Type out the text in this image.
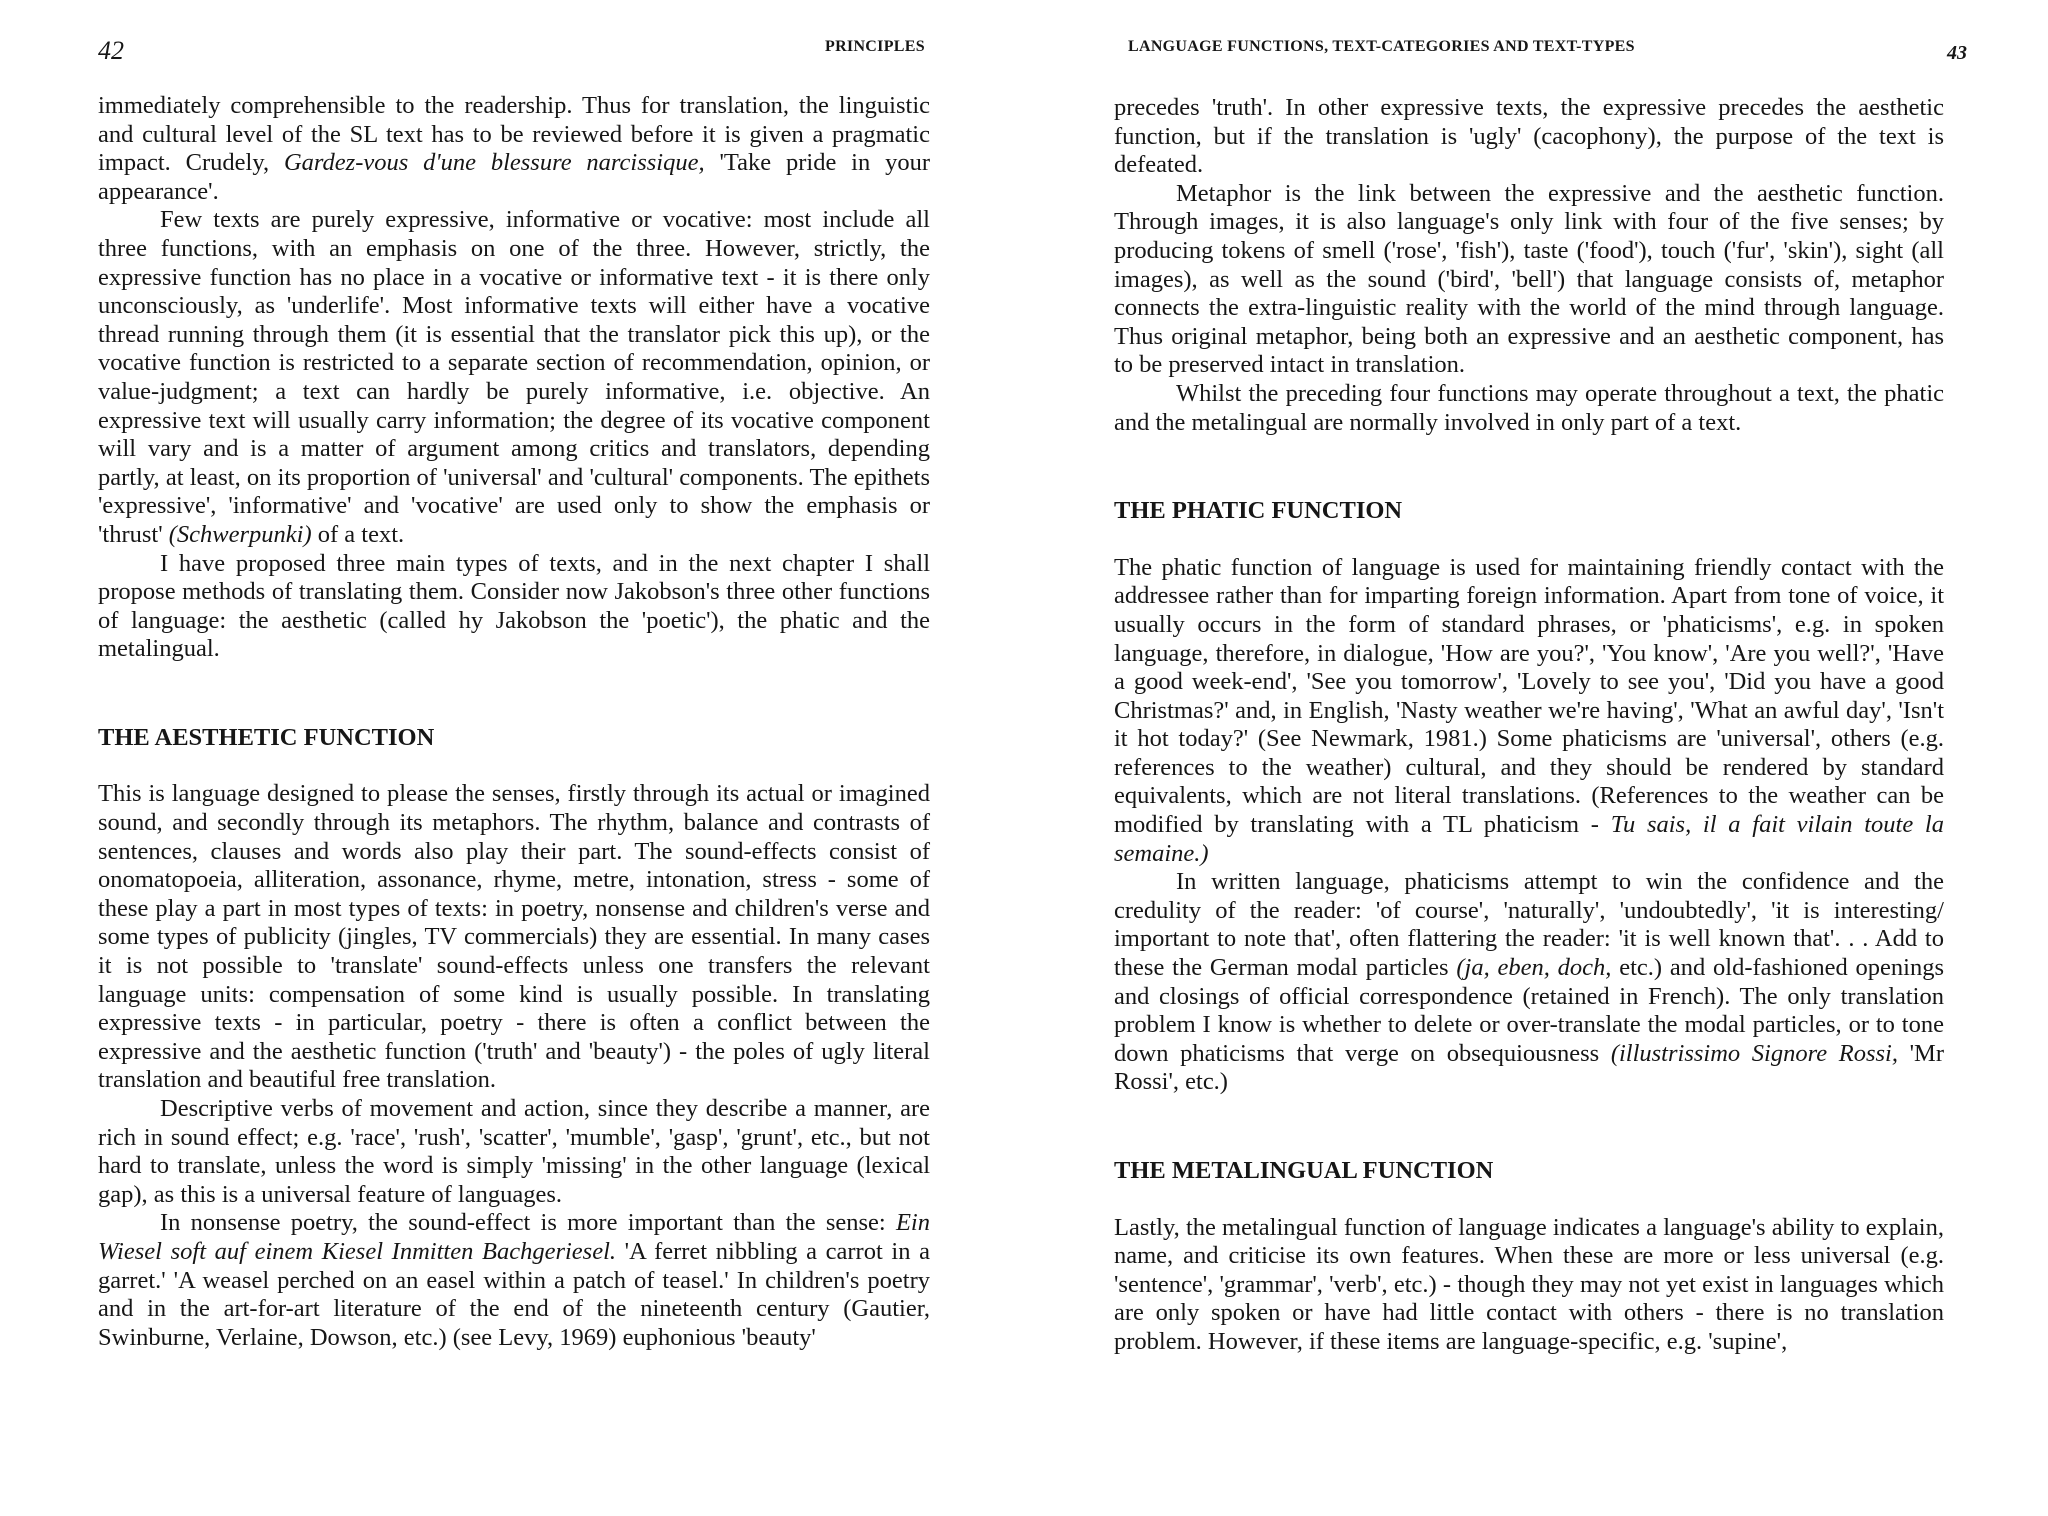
42	PRINCIPLES

immediately comprehensible to the readership. Thus for translation, the linguistic and cultural level of the SL text has to be reviewed before it is given a pragmatic impact. Crudely, Gardez-vous d'une blessure narcissique, 'Take pride in your appearance'.

Few texts are purely expressive, informative or vocative: most include all three functions, with an emphasis on one of the three. However, strictly, the expressive function has no place in a vocative or informative text - it is there only unconsciously, as 'underlife'. Most informative texts will either have a vocative thread running through them (it is essential that the translator pick this up), or the vocative function is restricted to a separate section of recommendation, opinion, or value-judgment; a text can hardly be purely informative, i.e. objective. An expressive text will usually carry information; the degree of its vocative component will vary and is a matter of argument among critics and translators, depending partly, at least, on its proportion of 'universal' and 'cultural' components. The epithets 'expressive', 'informative' and 'vocative' are used only to show the emphasis or 'thrust' (Schwerpunki) of a text.

I have proposed three main types of texts, and in the next chapter I shall propose methods of translating them. Consider now Jakobson's three other functions of language: the aesthetic (called hy Jakobson the 'poetic'), the phatic and the metalingual.

THE AESTHETIC FUNCTION

This is language designed to please the senses, firstly through its actual or imagined sound, and secondly through its metaphors. The rhythm, balance and contrasts of sentences, clauses and words also play their part. The sound-effects consist of onomatopoeia, alliteration, assonance, rhyme, metre, intonation, stress - some of these play a part in most types of texts: in poetry, nonsense and children's verse and some types of publicity (jingles, TV commercials) they are essential. In many cases it is not possible to 'translate' sound-effects unless one transfers the relevant language units: compensation of some kind is usually possible. In translating expressive texts - in particular, poetry - there is often a conflict between the expressive and the aesthetic function ('truth' and 'beauty') - the poles of ugly literal translation and beautiful free translation.

Descriptive verbs of movement and action, since they describe a manner, are rich in sound effect; e.g. 'race', 'rush', 'scatter', 'mumble', 'gasp', 'grunt', etc., but not hard to translate, unless the word is simply 'missing' in the other language (lexical gap), as this is a universal feature of languages.

In nonsense poetry, the sound-effect is more important than the sense: Ein Wiesel soft auf einem Kiesel Inmitten Bachgeriesel. 'A ferret nibbling a carrot in a garret.' 'A weasel perched on an easel within a patch of teasel.' In children's poetry and in the art-for-art literature of the end of the nineteenth century (Gautier, Swinburne, Verlaine, Dowson, etc.) (see Levy, 1969) euphonious 'beauty'

LANGUAGE FUNCTIONS, TEXT-CATEGORIES AND TEXT-TYPES	43

precedes 'truth'. In other expressive texts, the expressive precedes the aesthetic function, but if the translation is 'ugly' (cacophony), the purpose of the text is defeated.

Metaphor is the link between the expressive and the aesthetic function. Through images, it is also language's only link with four of the five senses; by producing tokens of smell ('rose', 'fish'), taste ('food'), touch ('fur', 'skin'), sight (all images), as well as the sound ('bird', 'bell') that language consists of, metaphor connects the extra-linguistic reality with the world of the mind through language. Thus original metaphor, being both an expressive and an aesthetic component, has to be preserved intact in translation.

Whilst the preceding four functions may operate throughout a text, the phatic and the metalingual are normally involved in only part of a text.

THE PHATIC FUNCTION

The phatic function of language is used for maintaining friendly contact with the addressee rather than for imparting foreign information. Apart from tone of voice, it usually occurs in the form of standard phrases, or 'phaticisms', e.g. in spoken language, therefore, in dialogue, 'How are you?', 'You know', 'Are you well?', 'Have a good week-end', 'See you tomorrow', 'Lovely to see you', 'Did you have a good Christmas?' and, in English, 'Nasty weather we're having', 'What an awful day', 'Isn't it hot today?' (See Newmark, 1981.) Some phaticisms are 'universal', others (e.g. references to the weather) cultural, and they should be rendered by standard equivalents, which are not literal translations. (References to the weather can be modified by translating with a TL phaticism - Tu sais, il a fait vilain toute la semaine.)

In written language, phaticisms attempt to win the confidence and the credulity of the reader: 'of course', 'naturally', 'undoubtedly', 'it is interesting/ important to note that', often flattering the reader: 'it is well known that'. . . Add to these the German modal particles (ja, eben, doch, etc.) and old-fashioned openings and closings of official correspondence (retained in French). The only translation problem I know is whether to delete or over-translate the modal particles, or to tone down phaticisms that verge on obsequiousness (illustrissimo Signore Rossi, 'Mr Rossi', etc.)

THE METALINGUAL FUNCTION

Lastly, the metalingual function of language indicates a language's ability to explain, name, and criticise its own features. When these are more or less universal (e.g. 'sentence', 'grammar', 'verb', etc.) - though they may not yet exist in languages which are only spoken or have had little contact with others - there is no translation problem. However, if these items are language-specific, e.g. 'supine',
